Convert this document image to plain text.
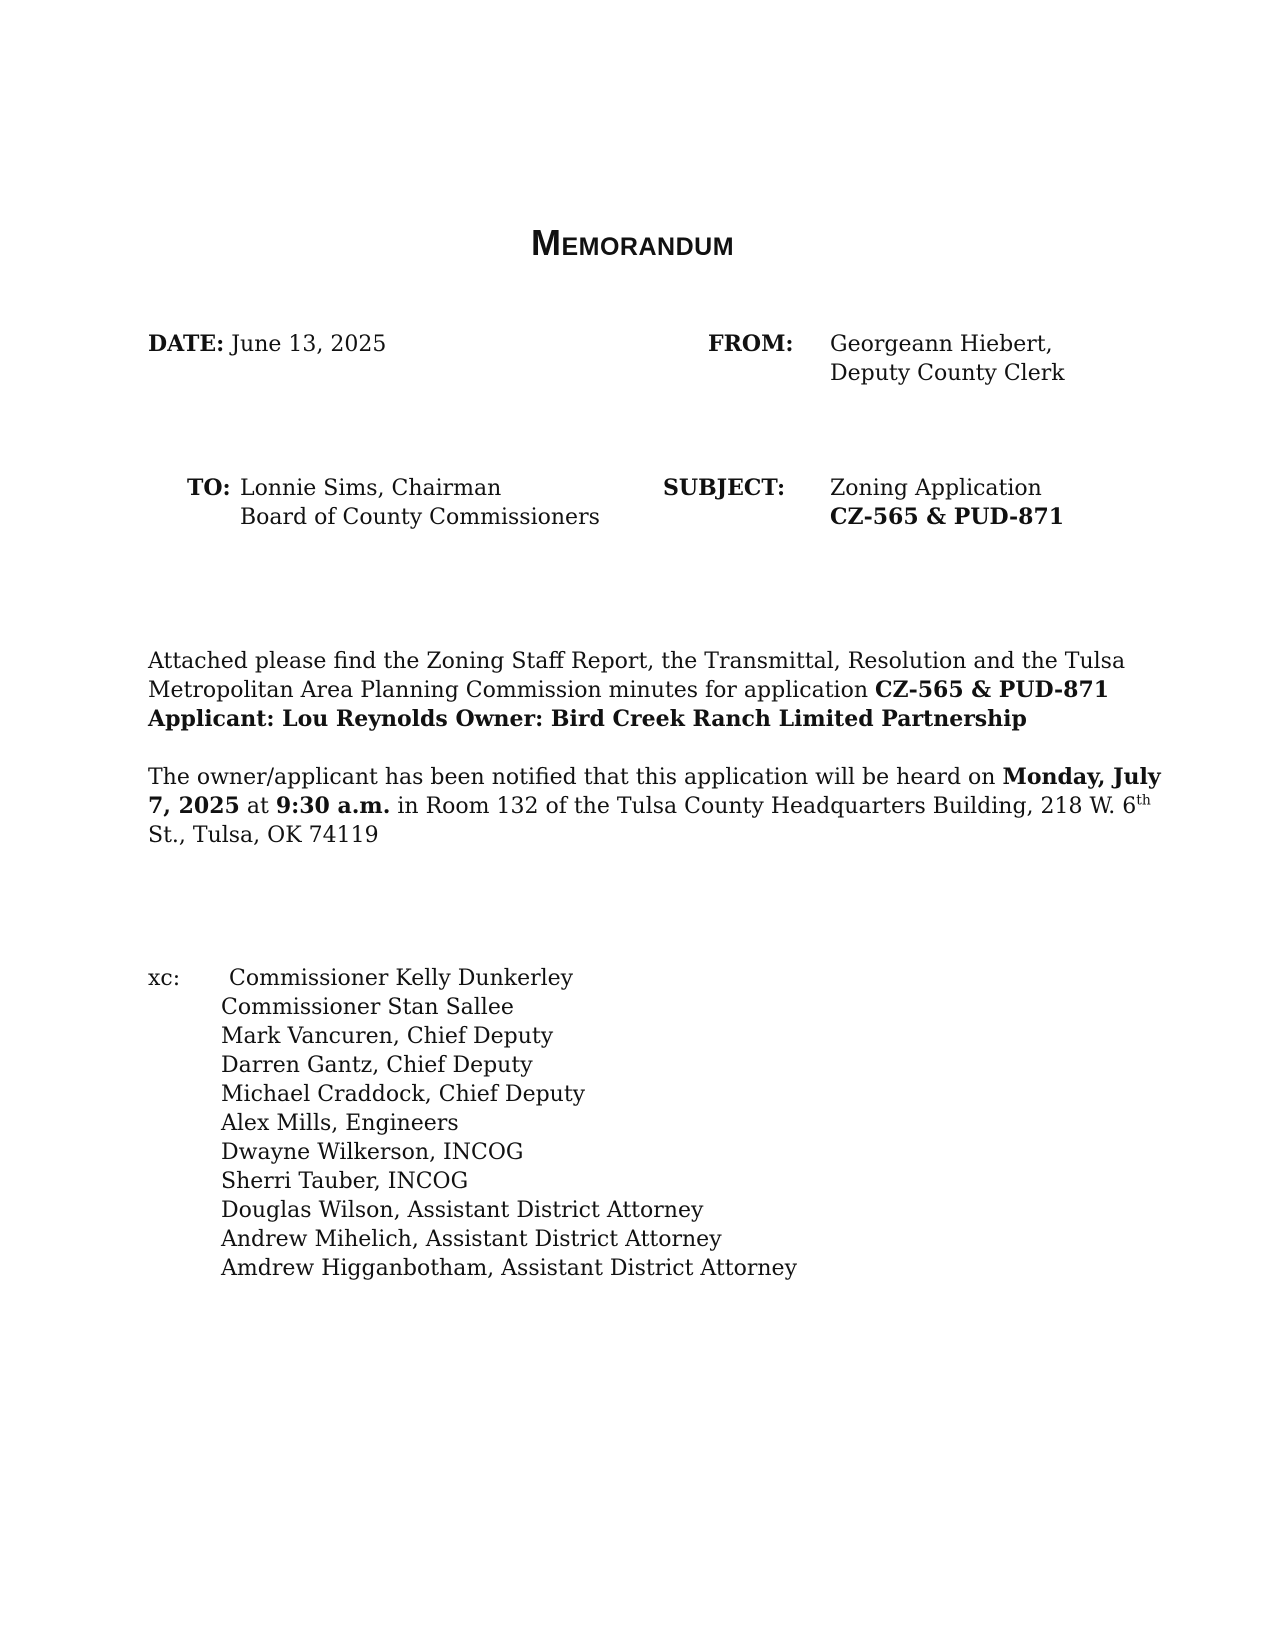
Memorandum
DATE: June 13, 2025	FROM: Georgeann Hiebert,
Deputy County Clerk
TO: Lonnie Sims, Chairman
Board of County Commissioners
SUBJECT: Zoning Application
CZ-565 & PUD-871
Attached please find the Zoning Staff Report, the Transmittal, Resolution and the Tulsa Metropolitan Area Planning Commission minutes for application CZ-565 & PUD-871 Applicant: Lou Reynolds Owner: Bird Creek Ranch Limited Partnership
The owner/applicant has been notified that this application will be heard on Monday, July 7, 2025 at 9:30 a.m. in Room 132 of the Tulsa County Headquarters Building, 218 W. 6th St., Tulsa, OK 74119
xc:	Commissioner Kelly Dunkerley
Commissioner Stan Sallee
Mark Vancuren, Chief Deputy
Darren Gantz, Chief Deputy
Michael Craddock, Chief Deputy
Alex Mills, Engineers
Dwayne Wilkerson, INCOG
Sherri Tauber, INCOG
Douglas Wilson, Assistant District Attorney
Andrew Mihelich, Assistant District Attorney
Amdrew Higganbotham, Assistant District Attorney
